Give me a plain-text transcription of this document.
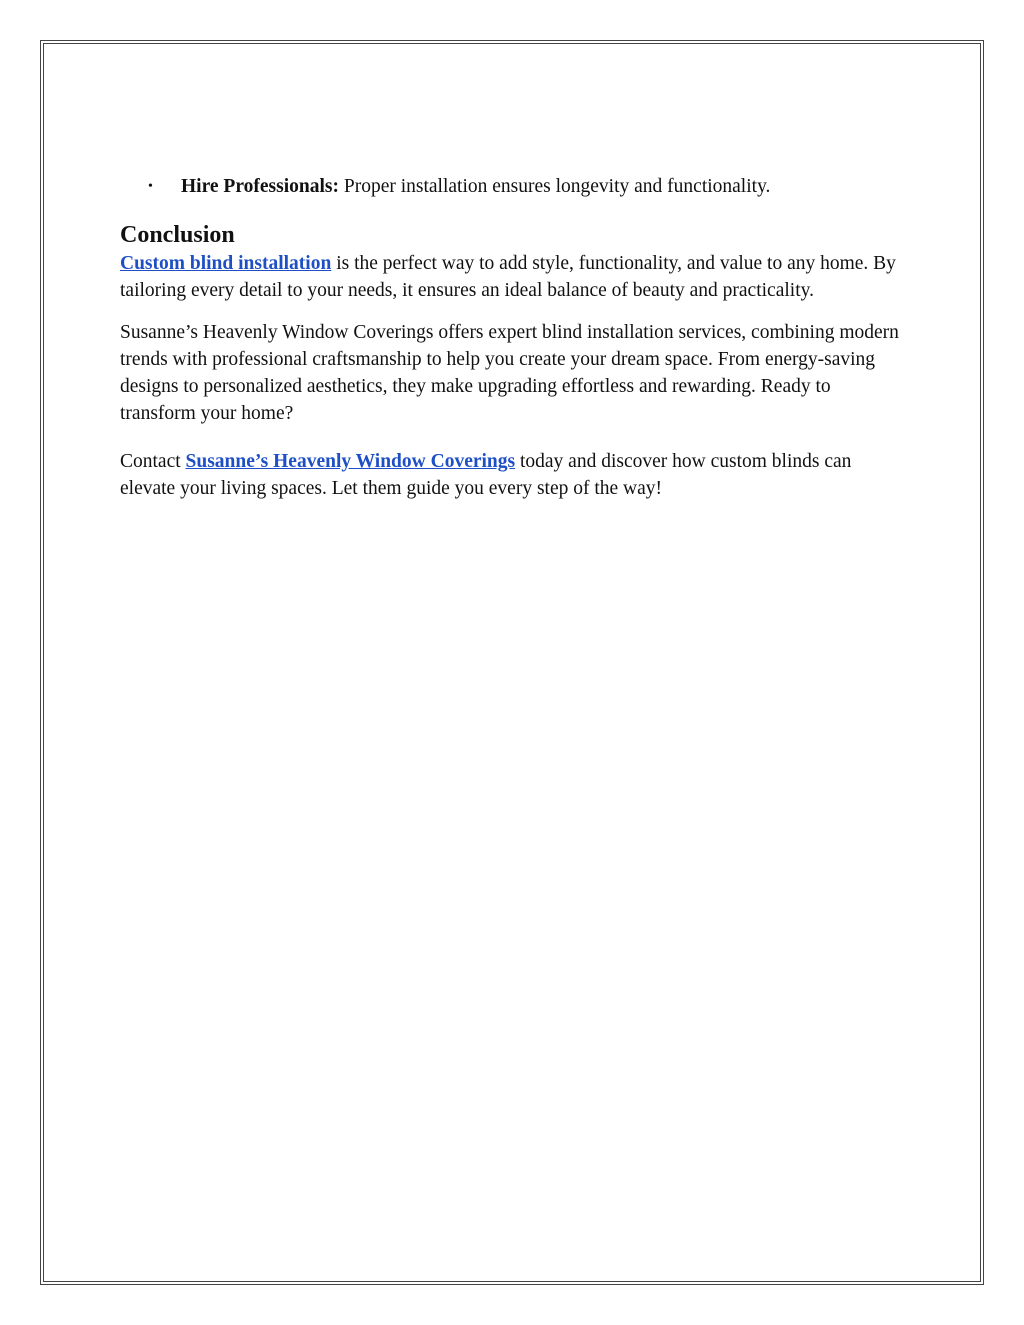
• Hire Professionals: Proper installation ensures longevity and functionality.
Conclusion

Custom blind installation is the perfect way to add style, functionality, and value to any home. By tailoring every detail to your needs, it ensures an ideal balance of beauty and practicality.

Susanne’s Heavenly Window Coverings offers expert blind installation services, combining modern trends with professional craftsmanship to help you create your dream space. From energy-saving designs to personalized aesthetics, they make upgrading effortless and rewarding. Ready to transform your home?

Contact Susanne’s Heavenly Window Coverings today and discover how custom blinds can elevate your living spaces. Let them guide you every step of the way!
